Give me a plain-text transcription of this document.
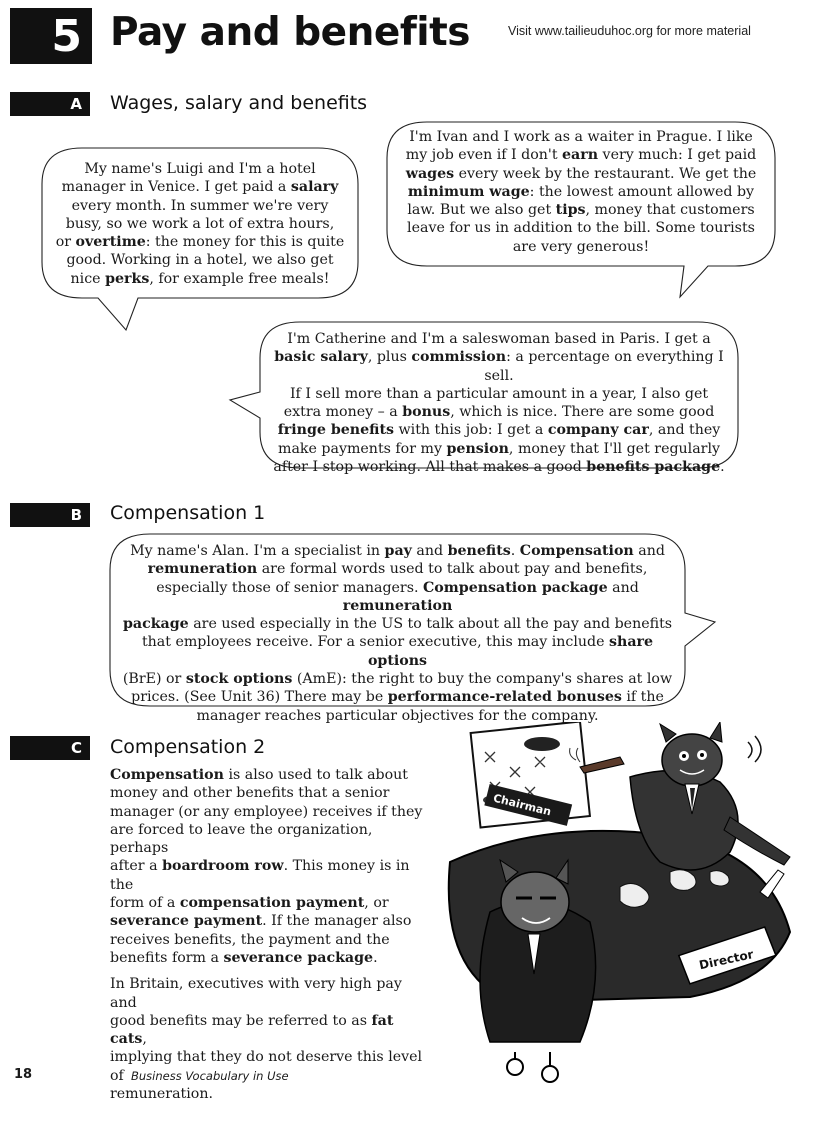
5 Pay and benefits	Visit www.tailieuduhoc.org for more material
A	Wages, salary and benefits
My name's Luigi and I'm a hotel
manager in Venice. I get paid a salary
every month. In summer we're very
busy, so we work a lot of extra hours,
or overtime: the money for this is quite
good. Working in a hotel, we also get
nice perks, for example free meals!
I'm Ivan and I work as a waiter in Prague. I like
my job even if I don't earn very much: I get paid
wages every week by the restaurant. We get the
minimum wage: the lowest amount allowed by
law. But we also get tips, money that customers
leave for us in addition to the bill. Some tourists
are very generous!
I'm Catherine and I'm a saleswoman based in Paris. I get a
basic salary, plus commission: a percentage on everything I sell.
If I sell more than a particular amount in a year, I also get
extra money – a bonus, which is nice. There are some good
fringe benefits with this job: I get a company car, and they
make payments for my pension, money that I'll get regularly
after I stop working. All that makes a good benefits package.
B	Compensation 1
My name's Alan. I'm a specialist in pay and benefits. Compensation and
remuneration are formal words used to talk about pay and benefits,
especially those of senior managers. Compensation package and remuneration
package are used especially in the US to talk about all the pay and benefits
that employees receive. For a senior executive, this may include share options
(BrE) or stock options (AmE): the right to buy the company's shares at low
prices. (See Unit 36) There may be performance-related bonuses if the
manager reaches particular objectives for the company.
C	Compensation 2

Compensation is also used to talk about
money and other benefits that a senior
manager (or any employee) receives if they
are forced to leave the organization, perhaps
after a boardroom row. This money is in the
form of a compensation payment, or
severance payment. If the manager also
receives benefits, the payment and the
benefits form a severance package.

In Britain, executives with very high pay and
good benefits may be referred to as fat cats,
implying that they do not deserve this level of
remuneration.

Chairman
Director
18	Business Vocabulary in Use
